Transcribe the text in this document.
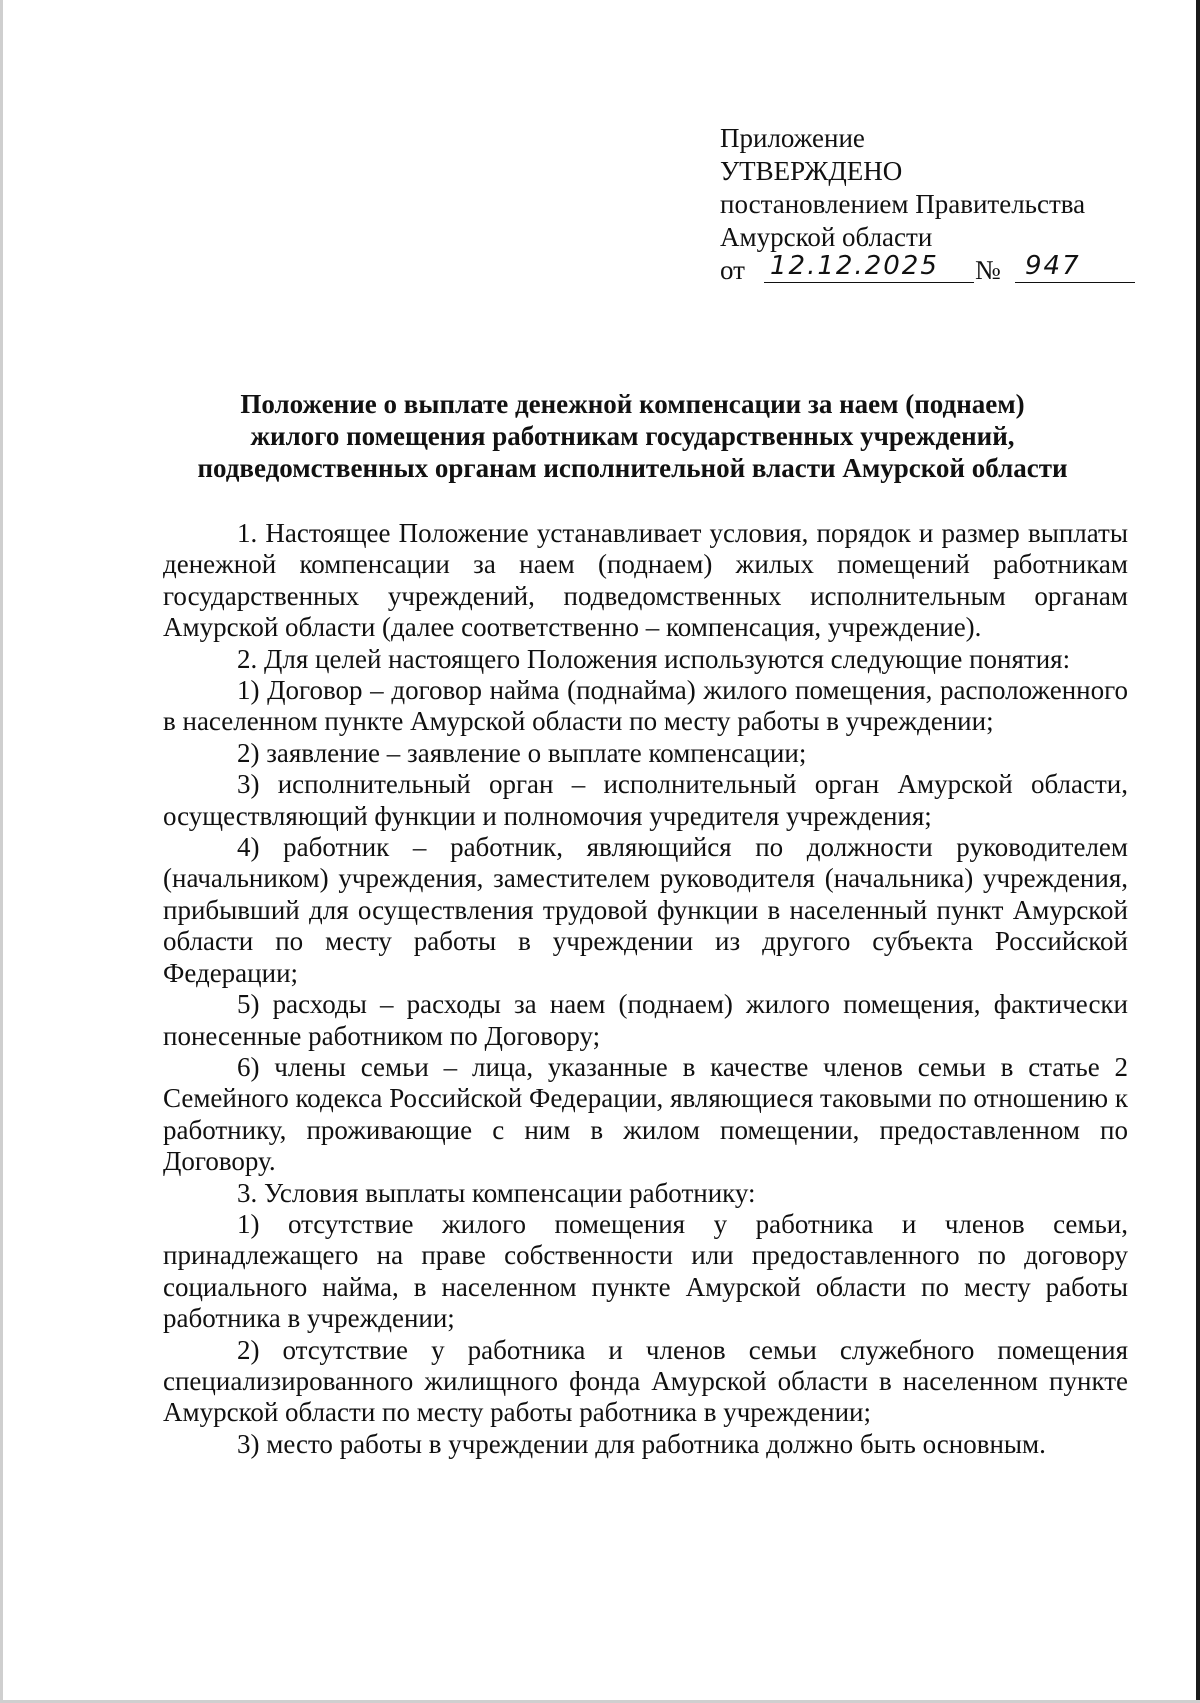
Приложение
УТВЕРЖДЕНО
постановлением Правительства
Амурской области
от 12.12.2025 № 947
Положение о выплате денежной компенсации за наем (поднаем)
жилого помещения работникам государственных учреждений,
подведомственных органам исполнительной власти Амурской области

1. Настоящее Положение устанавливает условия, порядок и размер выплаты денежной компенсации за наем (поднаем) жилых помещений работникам государственных учреждений, подведомственных исполнительным органам Амурской области (далее соответственно – компенсация, учреждение).

2. Для целей настоящего Положения используются следующие понятия:

1) Договор – договор найма (поднайма) жилого помещения, расположенного в населенном пункте Амурской области по месту работы в учреждении;

2) заявление – заявление о выплате компенсации;

3) исполнительный орган – исполнительный орган Амурской области, осуществляющий функции и полномочия учредителя учреждения;

4) работник – работник, являющийся по должности руководителем (начальником) учреждения, заместителем руководителя (начальника) учреждения, прибывший для осуществления трудовой функции в населенный пункт Амурской области по месту работы в учреждении из другого субъекта Российской Федерации;

5) расходы – расходы за наем (поднаем) жилого помещения, фактически понесенные работником по Договору;

6) члены семьи – лица, указанные в качестве членов семьи в статье 2 Семейного кодекса Российской Федерации, являющиеся таковыми по отношению к работнику, проживающие с ним в жилом помещении, предоставленном по Договору.

3. Условия выплаты компенсации работнику:

1) отсутствие жилого помещения у работника и членов семьи, принадлежащего на праве собственности или предоставленного по договору социального найма, в населенном пункте Амурской области по месту работы работника в учреждении;

2) отсутствие у работника и членов семьи служебного помещения специализированного жилищного фонда Амурской области в населенном пункте Амурской области по месту работы работника в учреждении;

3) место работы в учреждении для работника должно быть основным.
